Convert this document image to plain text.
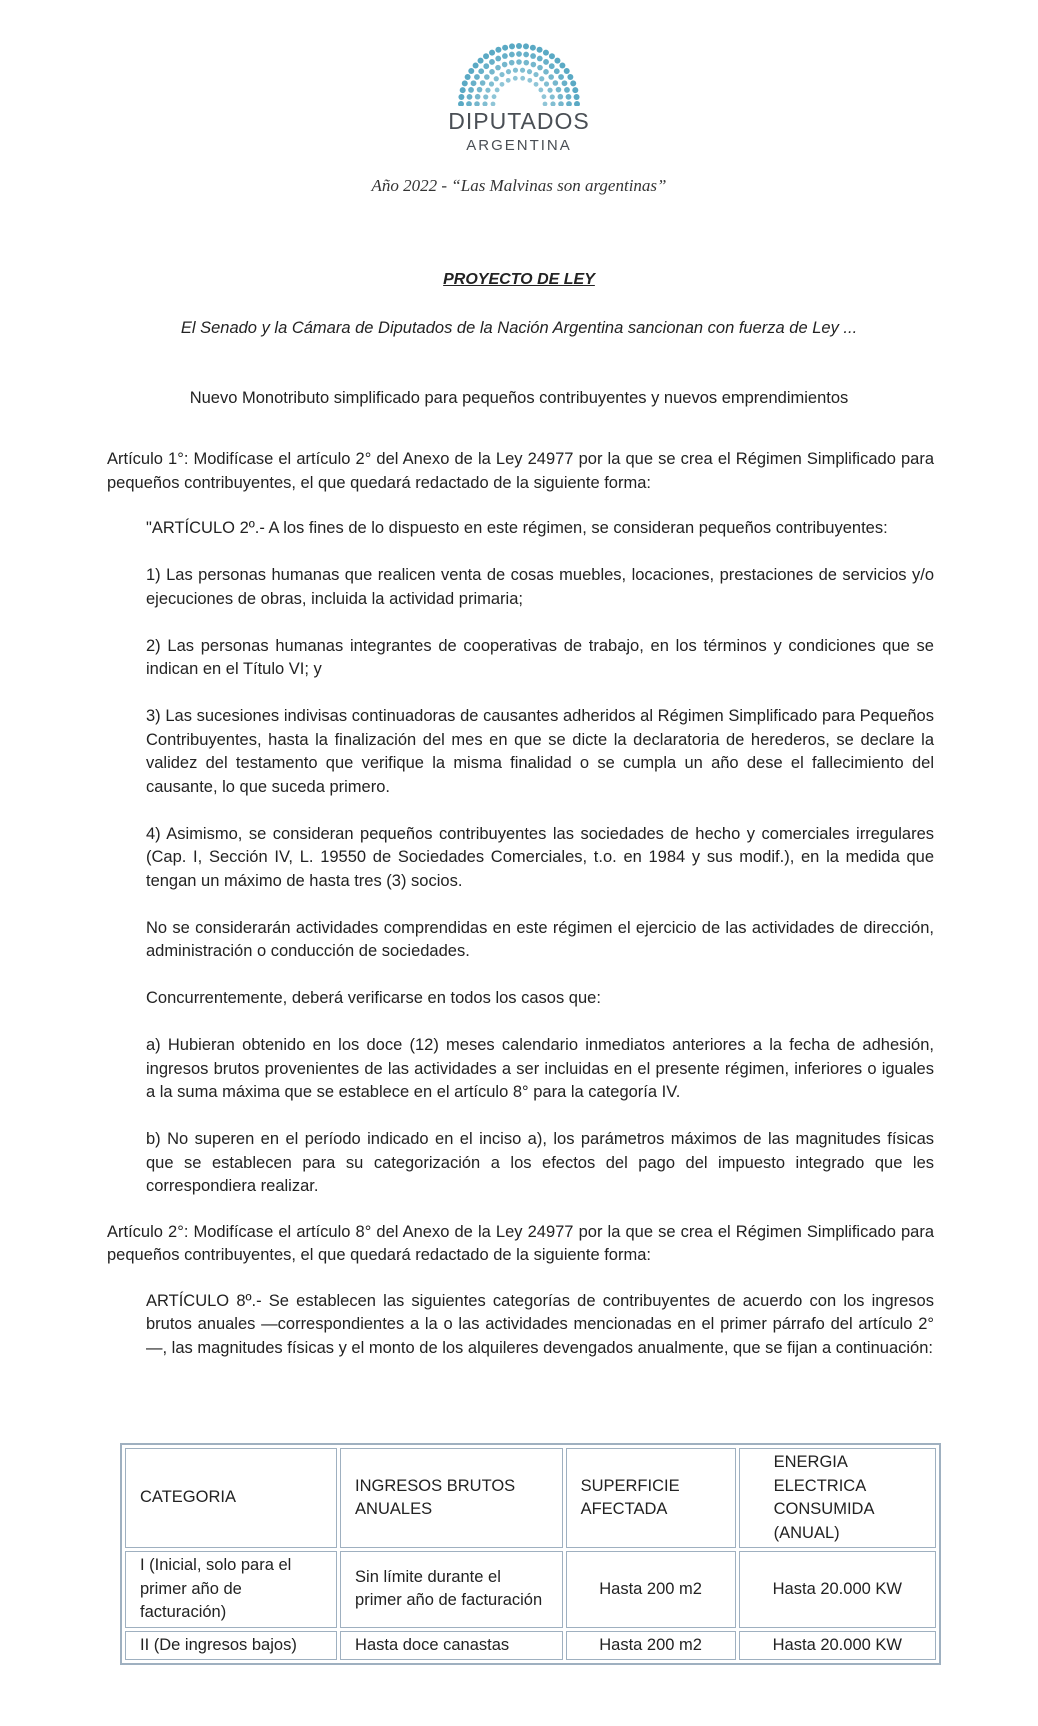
DIPUTADOS
ARGENTINA
Año 2022 - “Las Malvinas son argentinas”
PROYECTO DE LEY
El Senado y la Cámara de Diputados de la Nación Argentina sancionan con fuerza de Ley ...
Nuevo Monotributo simplificado para pequeños contribuyentes y nuevos emprendimientos

Artículo 1°: Modifícase el artículo 2° del Anexo de la Ley 24977 por la que se crea el Régimen Simplificado para pequeños contribuyentes, el que quedará redactado de la siguiente forma:

"ARTÍCULO 2º.- A los fines de lo dispuesto en este régimen, se consideran pequeños contribuyentes:

1) Las personas humanas que realicen venta de cosas muebles, locaciones, prestaciones de servicios y/o ejecuciones de obras, incluida la actividad primaria;

2) Las personas humanas integrantes de cooperativas de trabajo, en los términos y condiciones que se indican en el Título VI; y

3) Las sucesiones indivisas continuadoras de causantes adheridos al Régimen Simplificado para Pequeños Contribuyentes, hasta la finalización del mes en que se dicte la declaratoria de herederos, se declare la validez del testamento que verifique la misma finalidad o se cumpla un año dese el fallecimiento del causante, lo que suceda primero.

4) Asimismo, se consideran pequeños contribuyentes las sociedades de hecho y comerciales irregulares (Cap. I, Sección IV, L. 19550 de Sociedades Comerciales, t.o. en 1984 y sus modif.), en la medida que tengan un máximo de hasta tres (3) socios.

No se considerarán actividades comprendidas en este régimen el ejercicio de las actividades de dirección, administración o conducción de sociedades.

Concurrentemente, deberá verificarse en todos los casos que:

a) Hubieran obtenido en los doce (12) meses calendario inmediatos anteriores a la fecha de adhesión, ingresos brutos provenientes de las actividades a ser incluidas en el presente régimen, inferiores o iguales a la suma máxima que se establece en el artículo 8° para la categoría IV.

b) No superen en el período indicado en el inciso a), los parámetros máximos de las magnitudes físicas que se establecen para su categorización a los efectos del pago del impuesto integrado que les correspondiera realizar.

Artículo 2°: Modifícase el artículo 8° del Anexo de la Ley 24977 por la que se crea el Régimen Simplificado para pequeños contribuyentes, el que quedará redactado de la siguiente forma:

ARTÍCULO 8º.- Se establecen las siguientes categorías de contribuyentes de acuerdo con los ingresos brutos anuales —correspondientes a la o las actividades mencionadas en el primer párrafo del artículo 2°—, las magnitudes físicas y el monto de los alquileres devengados anualmente, que se fijan a continuación:

CATEGORIA	INGRESOS BRUTOS ANUALES	SUPERFICIE AFECTADA	ENERGIA ELECTRICA CONSUMIDA (ANUAL)
I (Inicial, solo para el primer año de facturación)	Sin límite durante el primer año de facturación	Hasta 200 m2	Hasta 20.000 KW
II (De ingresos bajos)	Hasta doce canastas	Hasta 200 m2	Hasta 20.000 KW
